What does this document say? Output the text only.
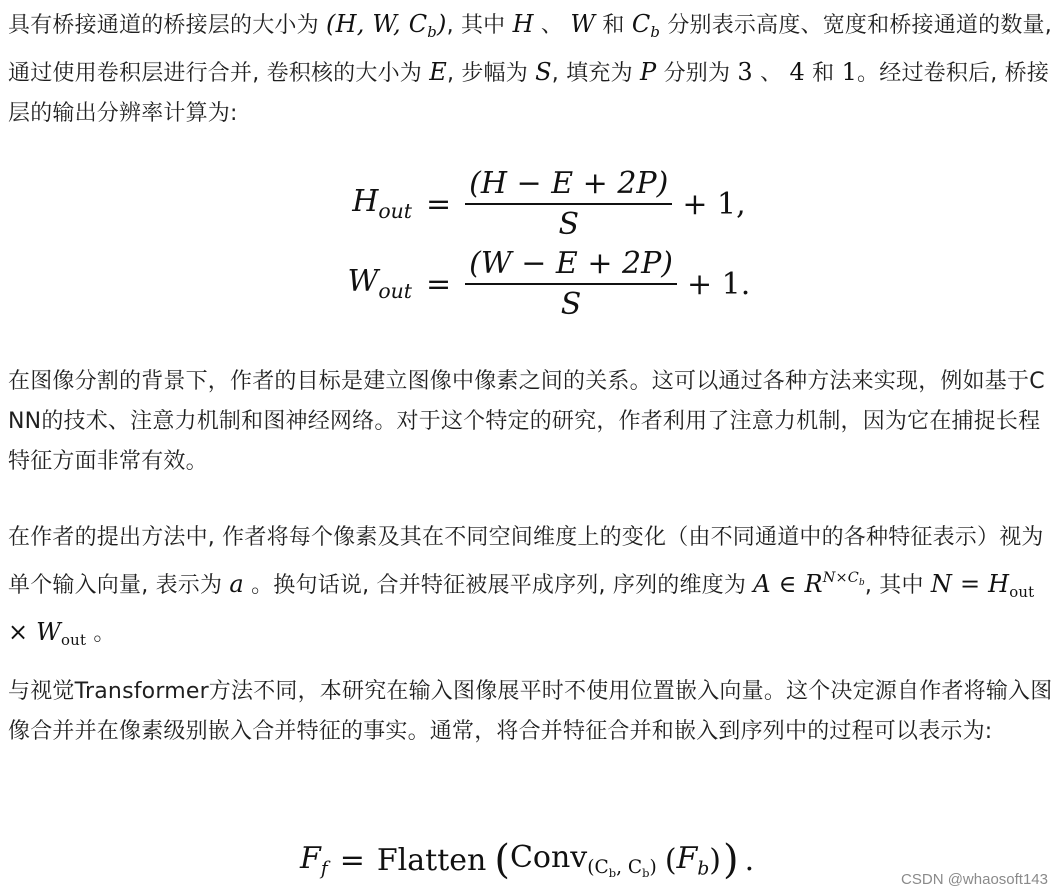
具有桥接通道的桥接层的大小为 (H, W, $C_b$), 其中 H 、 W 和 $C_b$ 分别表示高度、宽度和桥接通道的数量, 通过使用卷积层进行合并, 卷积核的大小为 E, 步幅为 S, 填充为 P 分别为 3 、 4 和 1。经过卷积后, 桥接层的输出分辨率计算为:
$H_{out} = \frac{(H - E + 2P)}{S} + 1$,
$W_{out} = \frac{(W - E + 2P)}{S} + 1$.
在图像分割的背景下，作者的目标是建立图像中像素之间的关系。这可以通过各种方法来实现，例如基于CNN的技术、注意力机制和图神经网络。对于这个特定的研究，作者利用了注意力机制，因为它在捕捉长程特征方面非常有效。
在作者的提出方法中, 作者将每个像素及其在不同空间维度上的变化（由不同通道中的各种特征表示）视为单个输入向量, 表示为 a 。换句话说, 合并特征被展平成序列, 序列的维度为 A ∈ $R^{N\times C_b}$, 其中 $N = H_{out} \times W_{out}$ 。
与视觉Transformer方法不同，本研究在输入图像展平时不使用位置嵌入向量。这个决定源自作者将输入图像合并并在像素级别嵌入合并特征的事实。通常，将合并特征合并和嵌入到序列中的过程可以表示为:
$F_f$ = Flatten ( Conv$_{(C_b, C_b)}$ ( $F_b$ ) ) .
CSDN @whaosoft143
